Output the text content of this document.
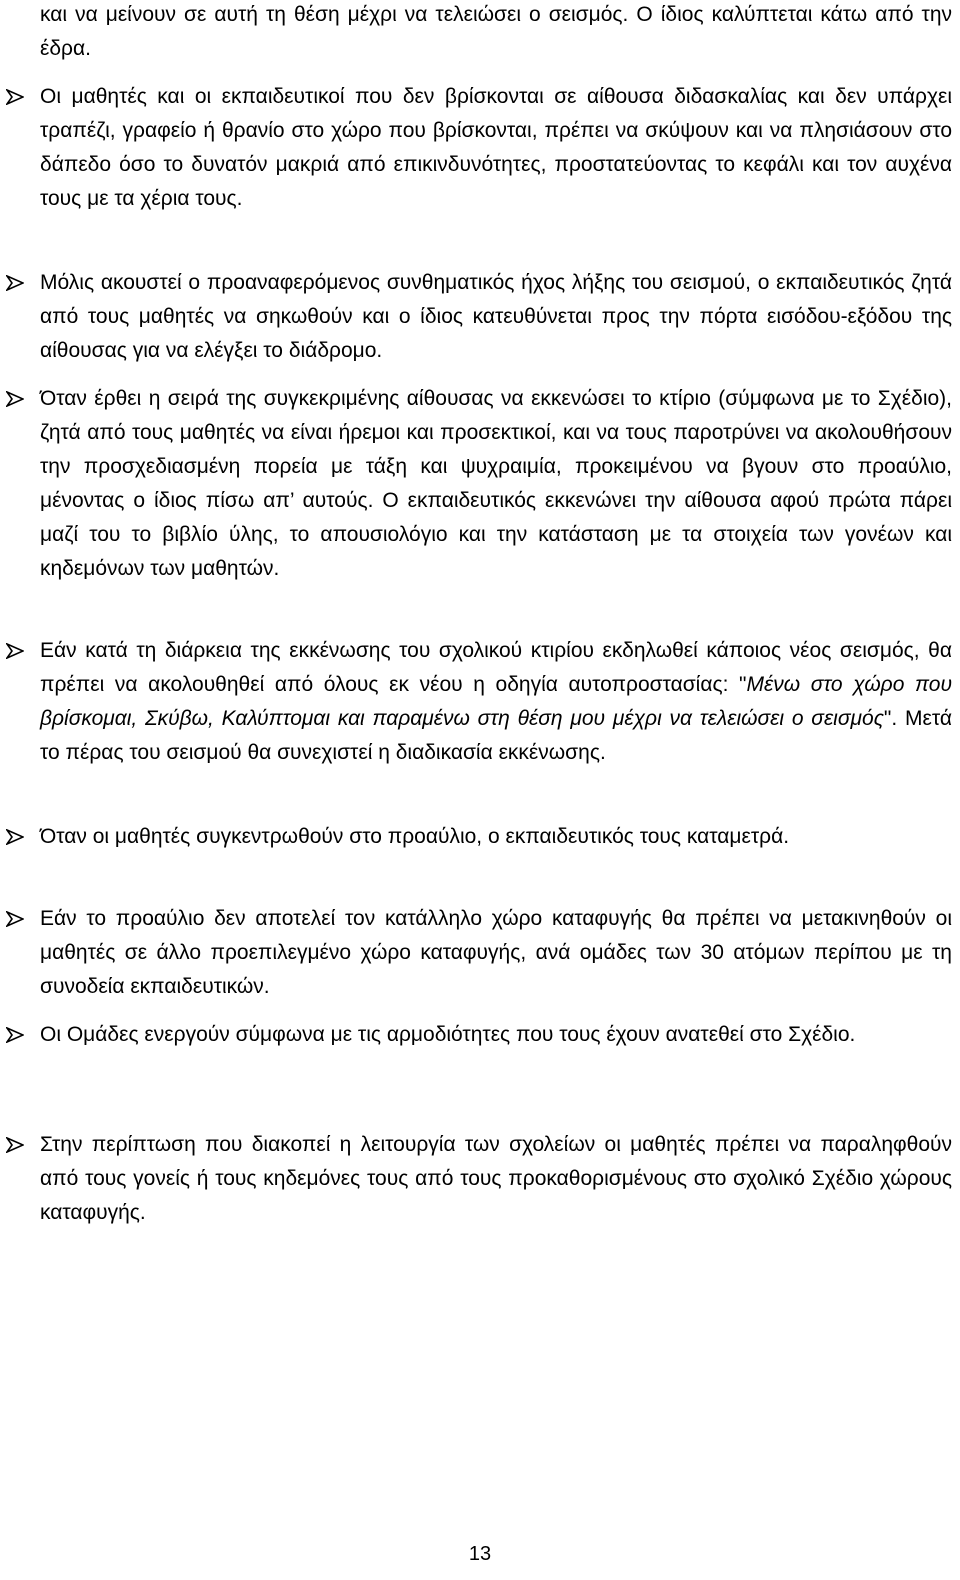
και να μείνουν σε αυτή τη θέση μέχρι να τελειώσει ο σεισμός. Ο ίδιος καλύπτεται κάτω από την έδρα.
Οι μαθητές και οι εκπαιδευτικοί που δεν βρίσκονται σε αίθουσα διδασκαλίας και δεν υπάρχει τραπέζι, γραφείο ή θρανίο στο χώρο που βρίσκονται, πρέπει να σκύψουν και να πλησιάσουν στο δάπεδο όσο το δυνατόν μακριά από επικινδυνότητες, προστατεύοντας το κεφάλι και τον αυχένα τους με τα χέρια τους.
Μόλις ακουστεί ο προαναφερόμενος συνθηματικός ήχος λήξης του σεισμού, ο εκπαιδευτικός ζητά από τους μαθητές να σηκωθούν και ο ίδιος κατευθύνεται προς την πόρτα εισόδου-εξόδου της αίθουσας για να ελέγξει το διάδρομο.
Όταν έρθει η σειρά της συγκεκριμένης αίθουσας να εκκενώσει το κτίριο (σύμφωνα με το Σχέδιο), ζητά από τους μαθητές να είναι ήρεμοι και προσεκτικοί, και να τους παροτρύνει να ακολουθήσουν την προσχεδιασμένη πορεία με τάξη και ψυχραιμία, προκειμένου να βγουν στο προαύλιο, μένοντας ο ίδιος πίσω απ’ αυτούς. Ο εκπαιδευτικός εκκενώνει την αίθουσα αφού πρώτα πάρει μαζί του το βιβλίο ύλης, το απουσιολόγιο και την κατάσταση με τα στοιχεία των γονέων και κηδεμόνων των μαθητών.
Εάν κατά τη διάρκεια της εκκένωσης του σχολικού κτιρίου εκδηλωθεί κάποιος νέος σεισμός, θα πρέπει να ακολουθηθεί από όλους εκ νέου η οδηγία αυτοπροστασίας: "Μένω στο χώρο που βρίσκομαι, Σκύβω, Καλύπτομαι και παραμένω στη θέση μου μέχρι να τελειώσει ο σεισμός". Μετά το πέρας του σεισμού θα συνεχιστεί η διαδικασία εκκένωσης.
Όταν οι μαθητές συγκεντρωθούν στο προαύλιο, ο εκπαιδευτικός τους καταμετρά.
Εάν το προαύλιο δεν αποτελεί τον κατάλληλο χώρο καταφυγής θα πρέπει να μετακινηθούν οι μαθητές σε άλλο προεπιλεγμένο χώρο καταφυγής, ανά ομάδες των 30 ατόμων περίπου με τη συνοδεία εκπαιδευτικών.
Οι Ομάδες ενεργούν σύμφωνα με τις αρμοδιότητες που τους έχουν ανατεθεί στο Σχέδιο.
Στην περίπτωση που διακοπεί η λειτουργία των σχολείων οι μαθητές πρέπει να παραληφθούν από τους γονείς ή τους κηδεμόνες τους από τους προκαθορισμένους στο σχολικό Σχέδιο χώρους καταφυγής.
13
